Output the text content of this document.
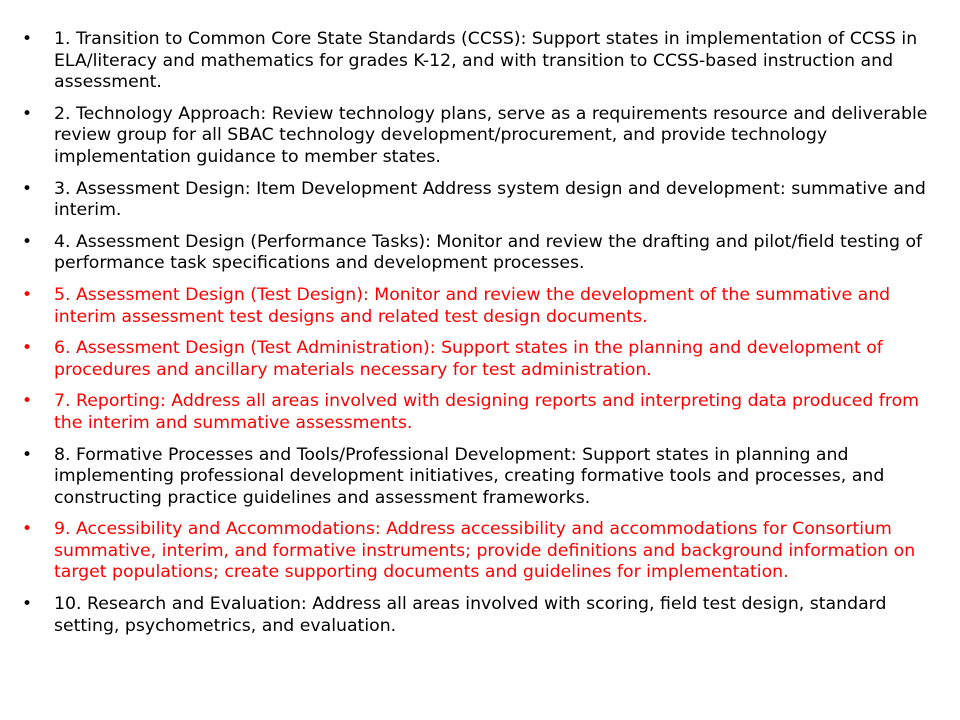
• 1. Transition to Common Core State Standards (CCSS): Support states in implementation of CCSS in ELA/literacy and mathematics for grades K-12, and with transition to CCSS-based instruction and assessment.
• 2. Technology Approach: Review technology plans, serve as a requirements resource and deliverable review group for all SBAC technology development/procurement, and provide technology implementation guidance to member states.
• 3. Assessment Design: Item Development Address system design and development: summative and interim.
• 4. Assessment Design (Performance Tasks): Monitor and review the drafting and pilot/field testing of performance task specifications and development processes.
• 5. Assessment Design (Test Design): Monitor and review the development of the summative and interim assessment test designs and related test design documents.
• 6. Assessment Design (Test Administration): Support states in the planning and development of procedures and ancillary materials necessary for test administration.
• 7. Reporting: Address all areas involved with designing reports and interpreting data produced from the interim and summative assessments.
• 8. Formative Processes and Tools/Professional Development: Support states in planning and implementing professional development initiatives, creating formative tools and processes, and constructing practice guidelines and assessment frameworks.
• 9. Accessibility and Accommodations: Address accessibility and accommodations for Consortium summative, interim, and formative instruments; provide definitions and background information on target populations; create supporting documents and guidelines for implementation.
• 10. Research and Evaluation: Address all areas involved with scoring, field test design, standard setting, psychometrics, and evaluation.
